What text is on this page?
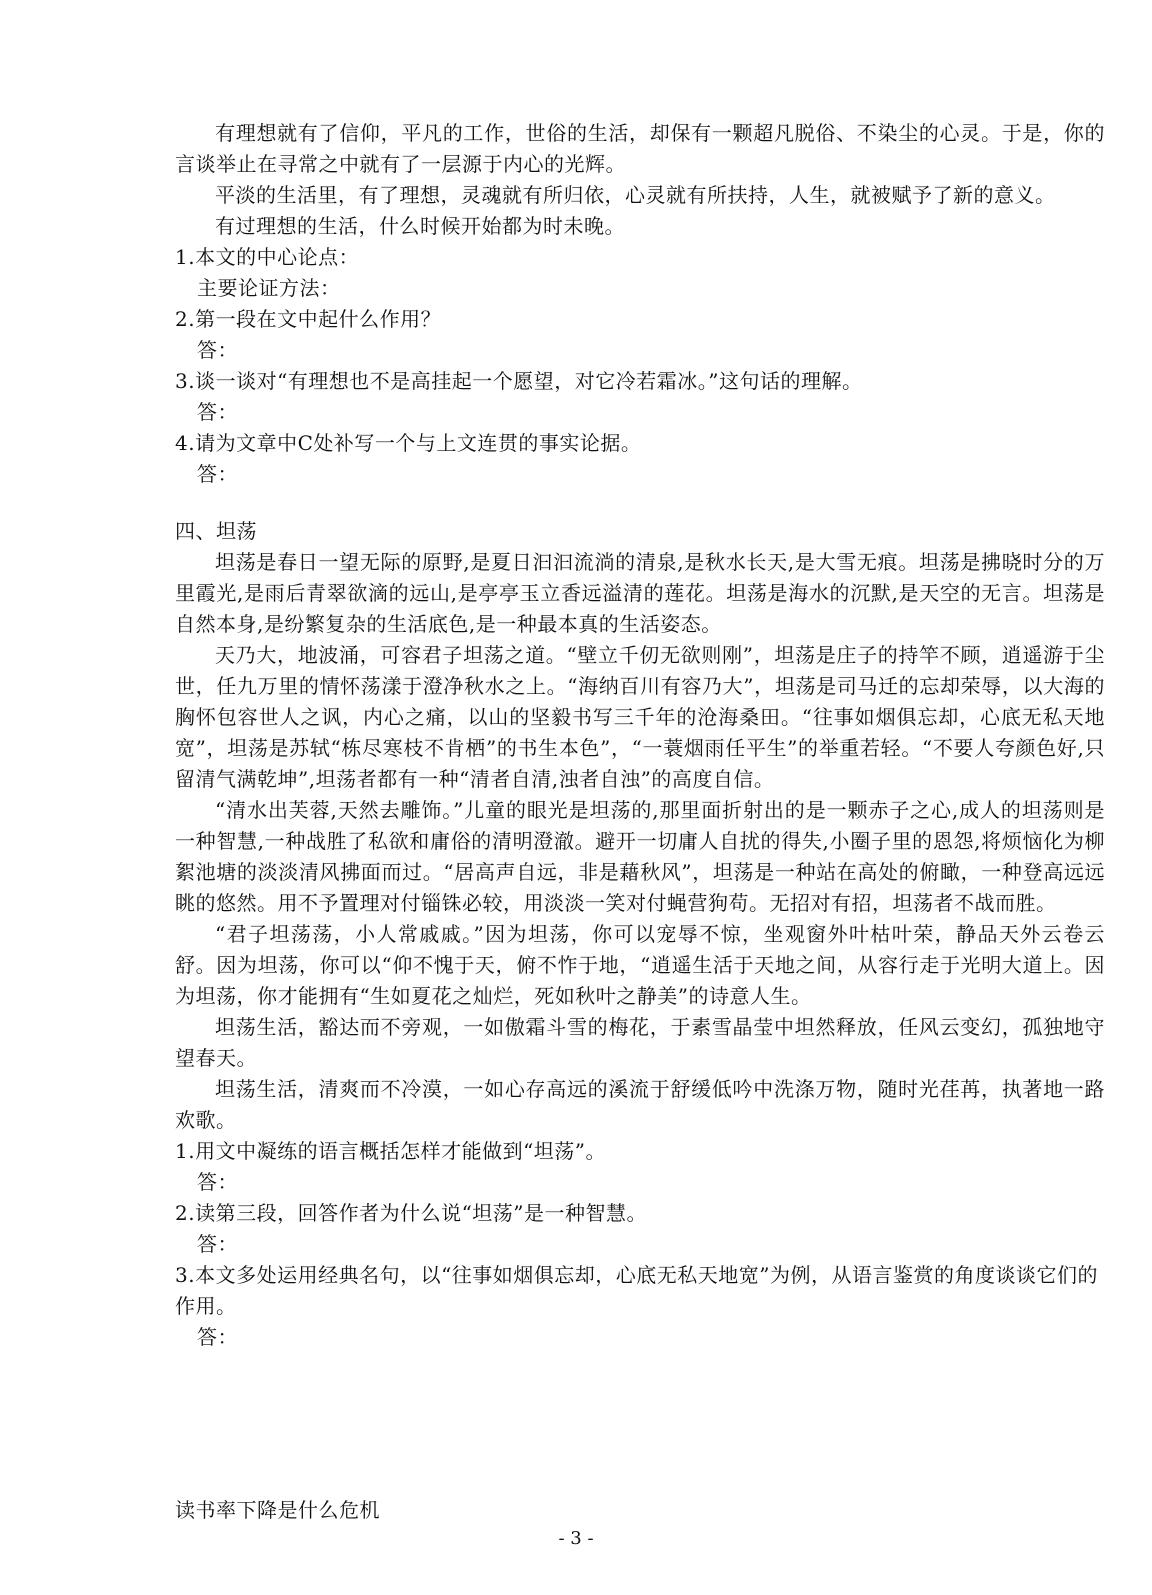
有理想就有了信仰，平凡的工作，世俗的生活，却保有一颗超凡脱俗、不染尘的心灵。于是，你的言谈举止在寻常之中就有了一层源于内心的光辉。

平淡的生活里，有了理想，灵魂就有所归依，心灵就有所扶持，人生，就被赋予了新的意义。

有过理想的生活，什么时候开始都为时未晚。

1.本文的中心论点：

主要论证方法：

2.第一段在文中起什么作用？

答：

3.谈一谈对“有理想也不是高挂起一个愿望，对它冷若霜冰。”这句话的理解。

答：

4.请为文章中C处补写一个与上文连贯的事实论据。

答：

四、坦荡

坦荡是春日一望无际的原野,是夏日汩汩流淌的清泉,是秋水长天,是大雪无痕。坦荡是拂晓时分的万里霞光,是雨后青翠欲滴的远山,是亭亭玉立香远溢清的莲花。坦荡是海水的沉默,是天空的无言。坦荡是自然本身,是纷繁复杂的生活底色,是一种最本真的生活姿态。

天乃大，地波涌，可容君子坦荡之道。“壁立千仞无欲则刚”，坦荡是庄子的持竿不顾，逍遥游于尘世，任九万里的情怀荡漾于澄净秋水之上。“海纳百川有容乃大”，坦荡是司马迁的忘却荣辱，以大海的胸怀包容世人之讽，内心之痛，以山的坚毅书写三千年的沧海桑田。“往事如烟俱忘却，心底无私天地宽”，坦荡是苏轼“栋尽寒枝不肯栖”的书生本色”，“一蓑烟雨任平生”的举重若轻。“不要人夸颜色好,只留清气满乾坤”,坦荡者都有一种“清者自清,浊者自浊”的高度自信。

“清水出芙蓉,天然去雕饰。”儿童的眼光是坦荡的,那里面折射出的是一颗赤子之心,成人的坦荡则是一种智慧,一种战胜了私欲和庸俗的清明澄澈。避开一切庸人自扰的得失,小圈子里的恩怨,将烦恼化为柳絮池塘的淡淡清风拂面而过。“居高声自远，非是藉秋风”，坦荡是一种站在高处的俯瞰，一种登高远远眺的悠然。用不予置理对付锱铢必较，用淡淡一笑对付蝇营狗苟。无招对有招，坦荡者不战而胜。

“君子坦荡荡，小人常戚戚。”因为坦荡，你可以宠辱不惊，坐观窗外叶枯叶荣，静品天外云卷云舒。因为坦荡，你可以“仰不愧于天，俯不怍于地，“逍遥生活于天地之间，从容行走于光明大道上。因为坦荡，你才能拥有“生如夏花之灿烂，死如秋叶之静美”的诗意人生。

坦荡生活，豁达而不旁观，一如傲霜斗雪的梅花，于素雪晶莹中坦然释放，任风云变幻，孤独地守望春天。

坦荡生活，清爽而不冷漠，一如心存高远的溪流于舒缓低吟中洗涤万物，随时光荏苒，执著地一路欢歌。

1.用文中凝练的语言概括怎样才能做到“坦荡”。

答：

2.读第三段，回答作者为什么说“坦荡”是一种智慧。

答：

3.本文多处运用经典名句，以“往事如烟俱忘却，心底无私天地宽”为例，从语言鉴赏的角度谈谈它们的作用。

答：

读书率下降是什么危机
- 3 -
